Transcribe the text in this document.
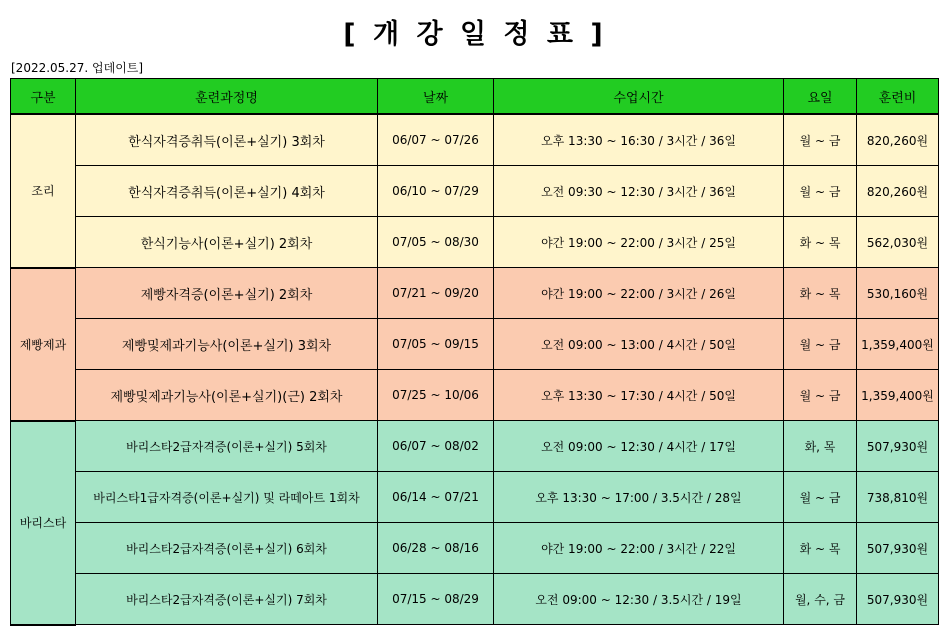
[ 개 강 일 정 표 ]
[2022.05.27. 업데이트]
구분	훈련과정명	날짜	수업시간	요일	훈련비
조리	한식자격증취득(이론+실기) 3회차	06/07 ~ 07/26	오후 13:30 ~ 16:30 / 3시간 / 36일	월 ~ 금	820,260원
	한식자격증취득(이론+실기) 4회차	06/10 ~ 07/29	오전 09:30 ~ 12:30 / 3시간 / 36일	월 ~ 금	820,260원
	한식기능사(이론+실기) 2회차	07/05 ~ 08/30	야간 19:00 ~ 22:00 / 3시간 / 25일	화 ~ 목	562,030원
제빵제과	제빵자격증(이론+실기) 2회차	07/21 ~ 09/20	야간 19:00 ~ 22:00 / 3시간 / 26일	화 ~ 목	530,160원
	제빵및제과기능사(이론+실기) 3회차	07/05 ~ 09/15	오전 09:00 ~ 13:00 / 4시간 / 50일	월 ~ 금	1,359,400원
	제빵및제과기능사(이론+실기)(근) 2회차	07/25 ~ 10/06	오후 13:30 ~ 17:30 / 4시간 / 50일	월 ~ 금	1,359,400원
바리스타	바리스타2급자격증(이론+실기) 5회차	06/07 ~ 08/02	오전 09:00 ~ 12:30 / 4시간 / 17일	화, 목	507,930원
	바리스타1급자격증(이론+실기) 및 라떼아트 1회차	06/14 ~ 07/21	오후 13:30 ~ 17:00 / 3.5시간 / 28일	월 ~ 금	738,810원
	바리스타2급자격증(이론+실기) 6회차	06/28 ~ 08/16	야간 19:00 ~ 22:00 / 3시간 / 22일	화 ~ 목	507,930원
	바리스타2급자격증(이론+실기) 7회차	07/15 ~ 08/29	오전 09:00 ~ 12:30 / 3.5시간 / 19일	월, 수, 금	507,930원
